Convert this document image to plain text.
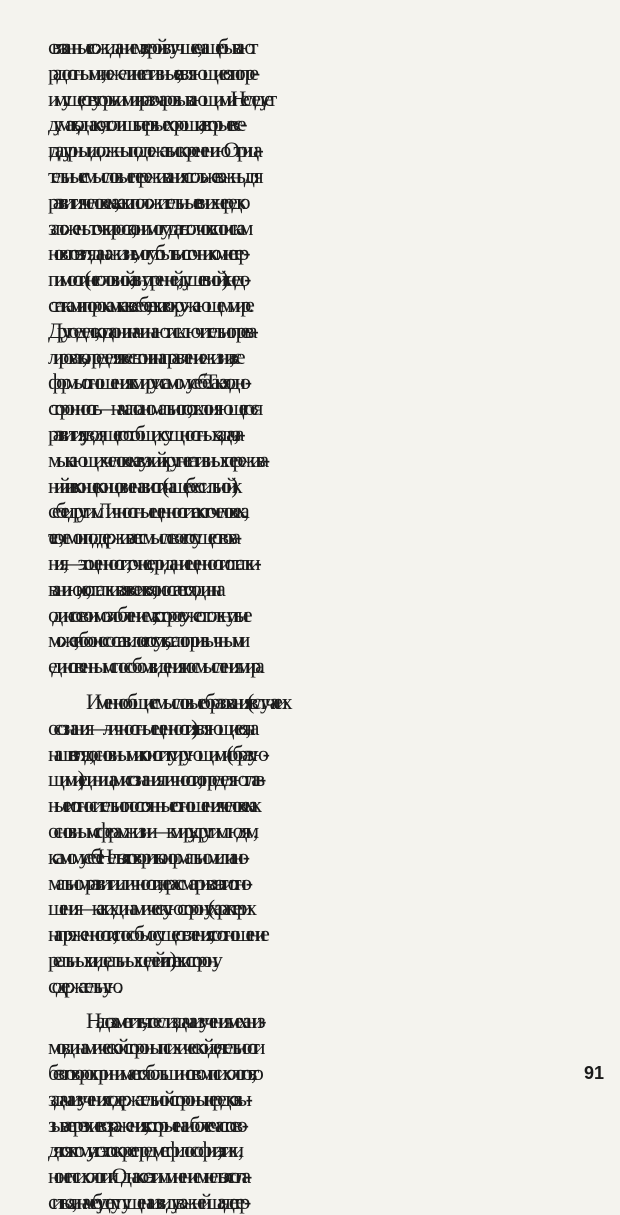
связанные с ожиданием, верой в лучшее, чаще бывают
радостными, нежели негативные, являющиеся по пре-
имуществу горькими и разочаровывающими. Не следует
думать, однако, что лишь первые хороши, а вторые все-
гда дурны и должны подлежать искоренению. Отрица-
тельные смысловые переживания столь же важны для
развития человека, как и положительные: в них нередко
заложены точки роста, они могут дать толчок к поискам
нового взгляда на жизнь, могут быть источником нетер-
пимости (не головной, а внутренней, душевной) к недо-
статкам и порокам как в себе, так и в окружающем мире.
Другое дело, когда они начинают исключительно прева-
лировать, определяя весь тон и направление жизни, все
формы отношения к миру и самому себе. Такая одно-
сторонность — начало аномального, отклоняющегося
развития, уводящего от общих сущностных задач, за-
мыкающих человека в узкий круг негативных пережива-
ний и в конце концов ненависти (чаще бессильной) к
себе и другим. Личностные ценности такого человека,
т. е. то, чем он поддерживает смысл своего существова-
ния,— это ценности, точнее, придание ценности отталки-
ванию, но, отталкивая все и вся, он остается один на
один со своим озлоблением, которое уже оттолкнуть не
может, ибо оно составило его суть, стало привычным и
единственным способом видения и осмысления мира.
Именно общие смысловые образования (в случае их
осознания — личностные ценности), являющиеся, на
наш взгляд, основными конституирующими (образую-
щими) единицами сознания личности, определяют глав-
ные и относительно постоянные отношения человека к
основным сферам жизни — к миру, к другим людям,
к самому себе. Нельзя говорить о нормальном или ано-
мальном развитии личности, не рассматривая эти отно-
шения — как их динамическую сторону (характер их
напряженности, способы осуществления, соотношение
реальных и идеальных целей и т. п.), так и сторону
содержательную.
Надо заметить, что если задача изучения механиз-
мов динамической стороны психической деятельности
без оговорок принимается большинством психологов, то
задача изучения содержательной стороны нередко вы-
зывает резкие возражения, которые наиболее часто сво-
дятся к тому, что это скорее предмет философии, этики,
но не психологии. Однако с этим мнением нельзя согла-
ситься, иначе будет упущена из виду важнейшая детер-
91
